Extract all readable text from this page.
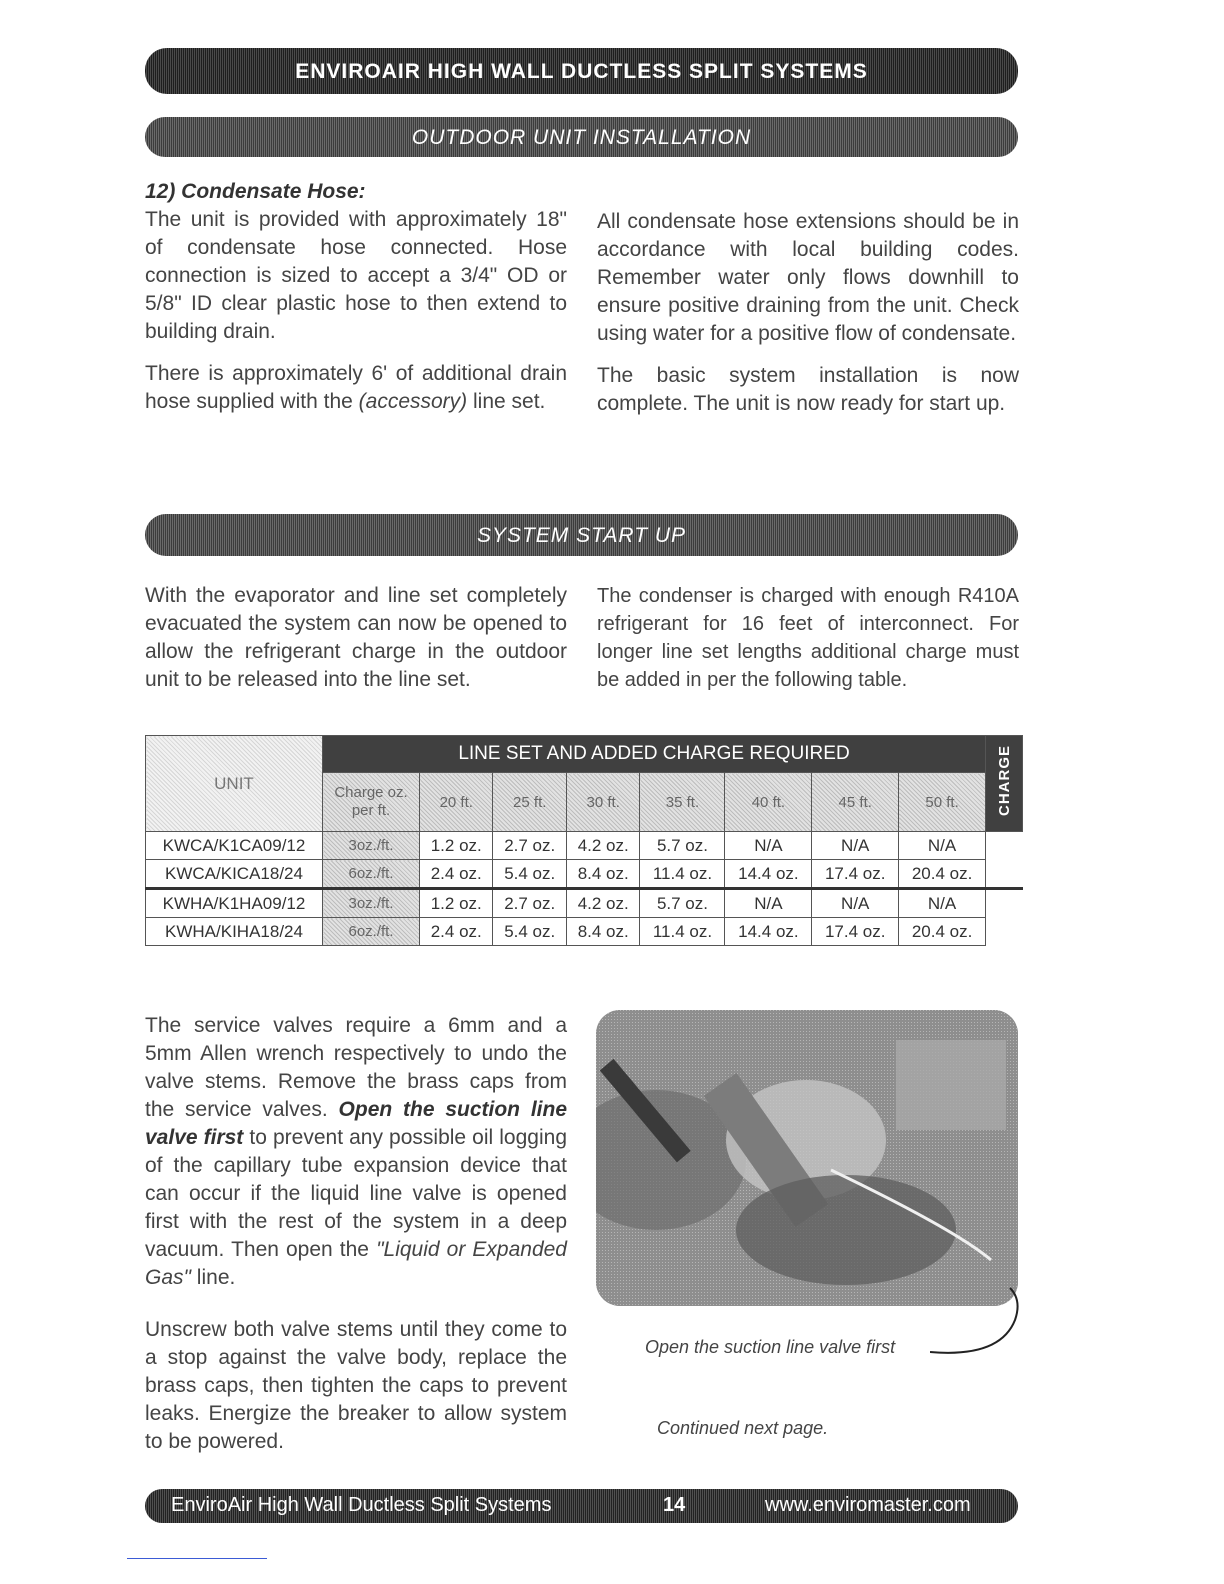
ENVIROAIR HIGH WALL DUCTLESS SPLIT SYSTEMS
OUTDOOR UNIT INSTALLATION
12) Condensate Hose:

The unit is provided with approximately 18" of condensate hose connected. Hose connection is sized to accept a 3/4" OD or 5/8" ID clear plastic hose to then extend to building drain.

There is approximately 6' of additional drain hose supplied with the (accessory) line set.

All condensate hose extensions should be in accordance with local building codes. Remember water only flows downhill to ensure positive draining from the unit. Check using water for a positive flow of condensate.

The basic system installation is now complete. The unit is now ready for start up.

SYSTEM START UP
With the evaporator and line set completely evacuated the system can now be opened to allow the refrigerant charge in the outdoor unit to be released into the line set.
The condenser is charged with enough R410A refrigerant for 16 feet of interconnect. For longer line set lengths additional charge must be added in per the following table.
UNIT	LINE SET AND ADDED CHARGE REQUIRED								CHARGE
	Charge oz. per ft.	20 ft.	25 ft.	30 ft.	35 ft.	40 ft.	45 ft.	50 ft.	
KWCA/K1CA09/12	3oz./ft.	1.2 oz.	2.7 oz.	4.2 oz.	5.7 oz.	N/A	N/A	N/A	
KWCA/KICA18/24	6oz./ft.	2.4 oz.	5.4 oz.	8.4 oz.	11.4 oz.	14.4 oz.	17.4 oz.	20.4 oz.	
KWHA/K1HA09/12	3oz./ft.	1.2 oz.	2.7 oz.	4.2 oz.	5.7 oz.	N/A	N/A	N/A	
KWHA/KIHA18/24	6oz./ft.	2.4 oz.	5.4 oz.	8.4 oz.	11.4 oz.	14.4 oz.	17.4 oz.	20.4 oz.	

The service valves require a 6mm and a 5mm Allen wrench respectively to undo the valve stems. Remove the brass caps from the service valves. Open the suction line valve first to prevent any possible oil logging of the capillary tube expansion device that can occur if the liquid line valve is opened first with the rest of the system in a deep vacuum. Then open the "Liquid or Expanded Gas" line.

Unscrew both valve stems until they come to a stop against the valve body, replace the brass caps, then tighten the caps to prevent leaks. Energize the breaker to allow system to be powered.

Open the suction line valve first
Continued next page.
EnviroAir High Wall Ductless Split Systems	14	www.enviromaster.com
